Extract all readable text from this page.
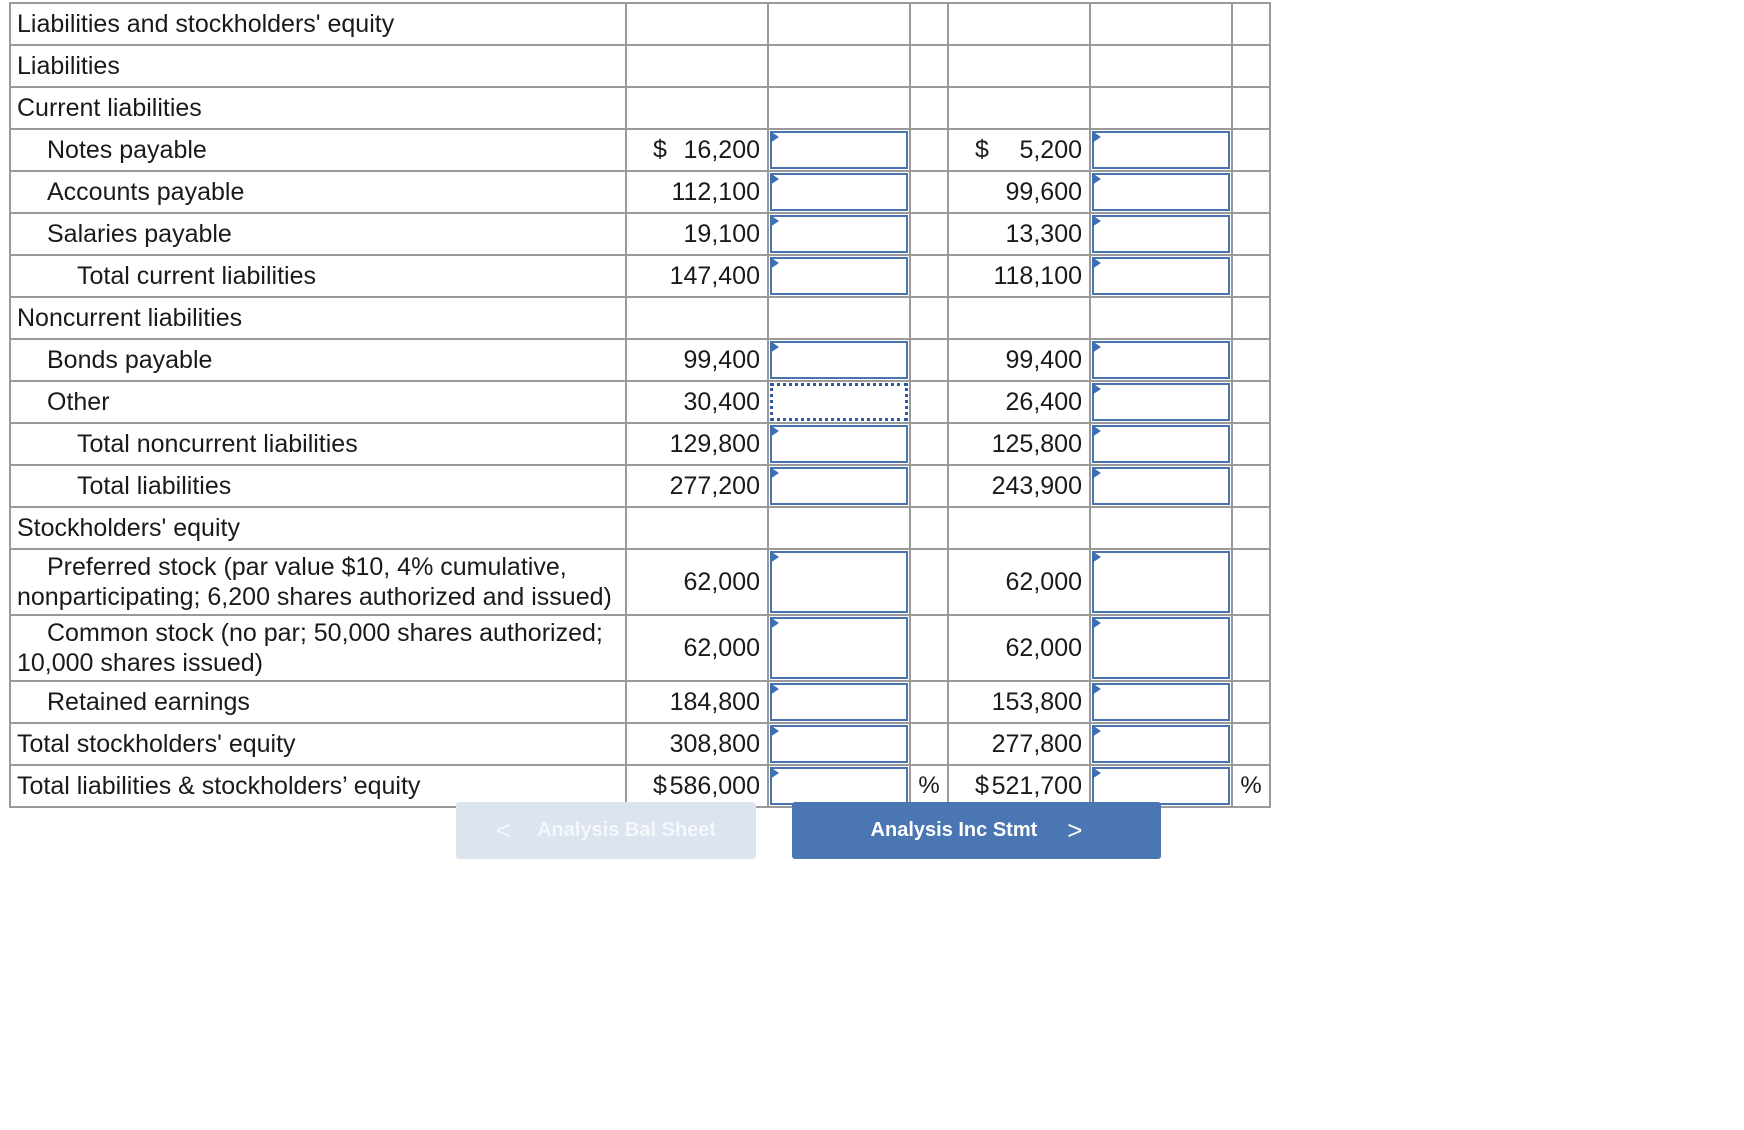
Liabilities and stockholders' equity						
Liabilities						
Current liabilities						
Notes payable	$ 16,200			$ 5,200	

Accounts payable	112,100			99,600	

Salaries payable	19,100			13,300	

Total current liabilities	147,400			118,100	

Noncurrent liabilities						
Bonds payable	99,400			99,400	

Other	30,400			26,400	

Total noncurrent liabilities	129,800			125,800	

Total liabilities	277,200			243,900	

Stockholders' equity						

Preferred stock (par value $10, 4% cumulative,
nonparticipating; 6,200 shares authorized and issued)	62,000			62,000	

Common stock (no par; 50,000 shares authorized;
10,000 shares issued)	62,000			62,000	

Retained earnings	184,800			153,800	

Total stockholders' equity	308,800			277,800	

Total liabilities & stockholders’ equity	$ 586,000		%	$ 521,700		%
< Analysis Bal Sheet	Analysis Inc Stmt >
